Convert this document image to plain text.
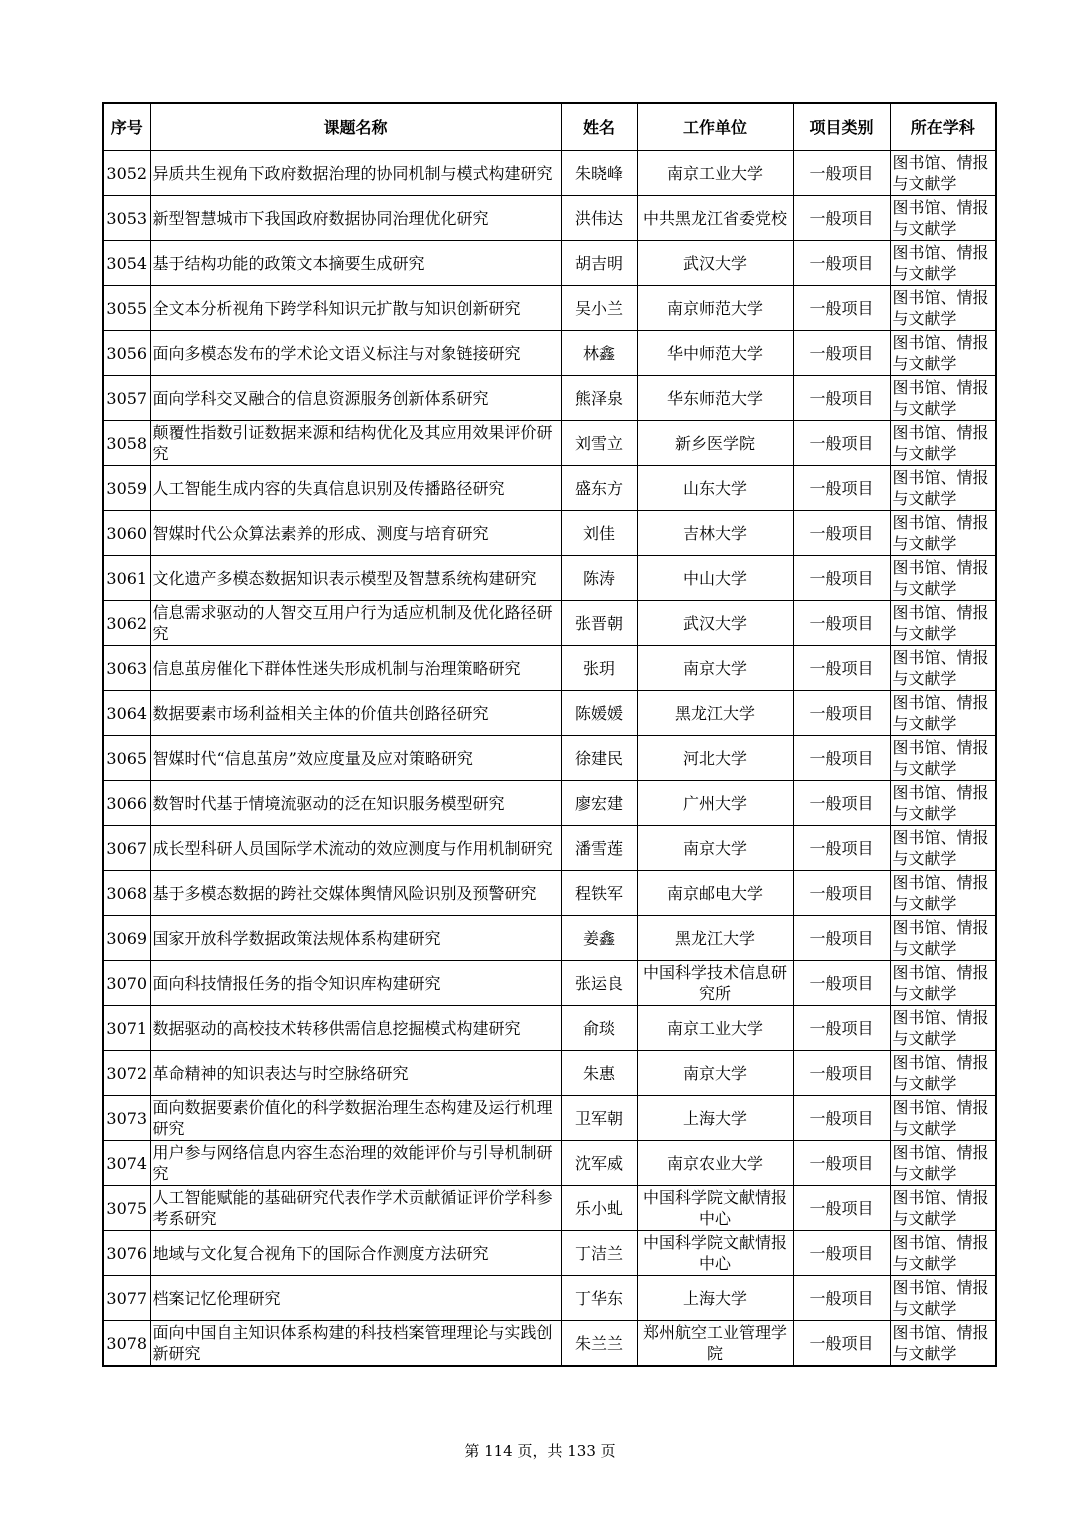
序号	课题名称	姓名	工作单位	项目类别	所在学科
3052	异质共生视角下政府数据治理的协同机制与模式构建研究	朱晓峰	南京工业大学	一般项目	图书馆、情报与文献学
3053	新型智慧城市下我国政府数据协同治理优化研究	洪伟达	中共黑龙江省委党校	一般项目	图书馆、情报与文献学
3054	基于结构功能的政策文本摘要生成研究	胡吉明	武汉大学	一般项目	图书馆、情报与文献学
3055	全文本分析视角下跨学科知识元扩散与知识创新研究	吴小兰	南京师范大学	一般项目	图书馆、情报与文献学
3056	面向多模态发布的学术论文语义标注与对象链接研究	林鑫	华中师范大学	一般项目	图书馆、情报与文献学
3057	面向学科交叉融合的信息资源服务创新体系研究	熊泽泉	华东师范大学	一般项目	图书馆、情报与文献学
3058	颠覆性指数引证数据来源和结构优化及其应用效果评价研究	刘雪立	新乡医学院	一般项目	图书馆、情报与文献学
3059	人工智能生成内容的失真信息识别及传播路径研究	盛东方	山东大学	一般项目	图书馆、情报与文献学
3060	智媒时代公众算法素养的形成、测度与培育研究	刘佳	吉林大学	一般项目	图书馆、情报与文献学
3061	文化遗产多模态数据知识表示模型及智慧系统构建研究	陈涛	中山大学	一般项目	图书馆、情报与文献学
3062	信息需求驱动的人智交互用户行为适应机制及优化路径研究	张晋朝	武汉大学	一般项目	图书馆、情报与文献学
3063	信息茧房催化下群体性迷失形成机制与治理策略研究	张玥	南京大学	一般项目	图书馆、情报与文献学
3064	数据要素市场利益相关主体的价值共创路径研究	陈媛媛	黑龙江大学	一般项目	图书馆、情报与文献学
3065	智媒时代“信息茧房”效应度量及应对策略研究	徐建民	河北大学	一般项目	图书馆、情报与文献学
3066	数智时代基于情境流驱动的泛在知识服务模型研究	廖宏建	广州大学	一般项目	图书馆、情报与文献学
3067	成长型科研人员国际学术流动的效应测度与作用机制研究	潘雪莲	南京大学	一般项目	图书馆、情报与文献学
3068	基于多模态数据的跨社交媒体舆情风险识别及预警研究	程铁军	南京邮电大学	一般项目	图书馆、情报与文献学
3069	国家开放科学数据政策法规体系构建研究	姜鑫	黑龙江大学	一般项目	图书馆、情报与文献学
3070	面向科技情报任务的指令知识库构建研究	张运良	中国科学技术信息研究所	一般项目	图书馆、情报与文献学
3071	数据驱动的高校技术转移供需信息挖掘模式构建研究	俞琰	南京工业大学	一般项目	图书馆、情报与文献学
3072	革命精神的知识表达与时空脉络研究	朱惠	南京大学	一般项目	图书馆、情报与文献学
3073	面向数据要素价值化的科学数据治理生态构建及运行机理研究	卫军朝	上海大学	一般项目	图书馆、情报与文献学
3074	用户参与网络信息内容生态治理的效能评价与引导机制研究	沈军威	南京农业大学	一般项目	图书馆、情报与文献学
3075	人工智能赋能的基础研究代表作学术贡献循证评价学科参考系研究	乐小虬	中国科学院文献情报中心	一般项目	图书馆、情报与文献学
3076	地域与文化复合视角下的国际合作测度方法研究	丁洁兰	中国科学院文献情报中心	一般项目	图书馆、情报与文献学
3077	档案记忆伦理研究	丁华东	上海大学	一般项目	图书馆、情报与文献学
3078	面向中国自主知识体系构建的科技档案管理理论与实践创新研究	朱兰兰	郑州航空工业管理学院	一般项目	图书馆、情报与文献学
第 114 页，共 133 页
